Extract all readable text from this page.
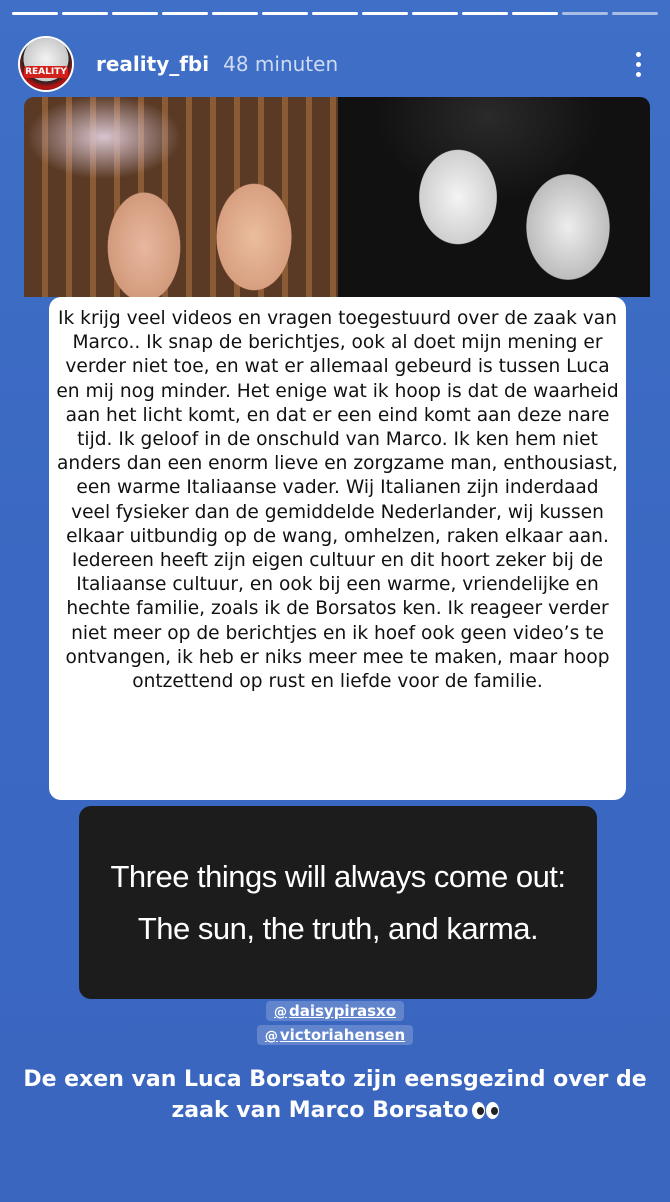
REALITY reality_fbi 48 minuten
Ik krijg veel videos en vragen toegestuurd over de zaak van Marco.. Ik snap de berichtjes, ook al doet mijn mening er verder niet toe, en wat er allemaal gebeurd is tussen Luca en mij nog minder. Het enige wat ik hoop is dat de waarheid aan het licht komt, en dat er een eind komt aan deze nare tijd. Ik geloof in de onschuld van Marco. Ik ken hem niet anders dan een enorm lieve en zorgzame man, enthousiast, een warme Italiaanse vader. Wij Italianen zijn inderdaad veel fysieker dan de gemiddelde Nederlander, wij kussen elkaar uitbundig op de wang, omhelzen, raken elkaar aan. Iedereen heeft zijn eigen cultuur en dit hoort zeker bij de Italiaanse cultuur, en ook bij een warme, vriendelijke en hechte familie, zoals ik de Borsatos ken. Ik reageer verder niet meer op de berichtjes en ik hoef ook geen video’s te ontvangen, ik heb er niks meer mee te maken, maar hoop ontzettend op rust en liefde voor de familie.
Three things will always come out:
The sun, the truth, and karma.
@ daisypirasxo
@ victoriahensen
De exen van Luca Borsato zijn eensgezind over de zaak van Marco Borsato
